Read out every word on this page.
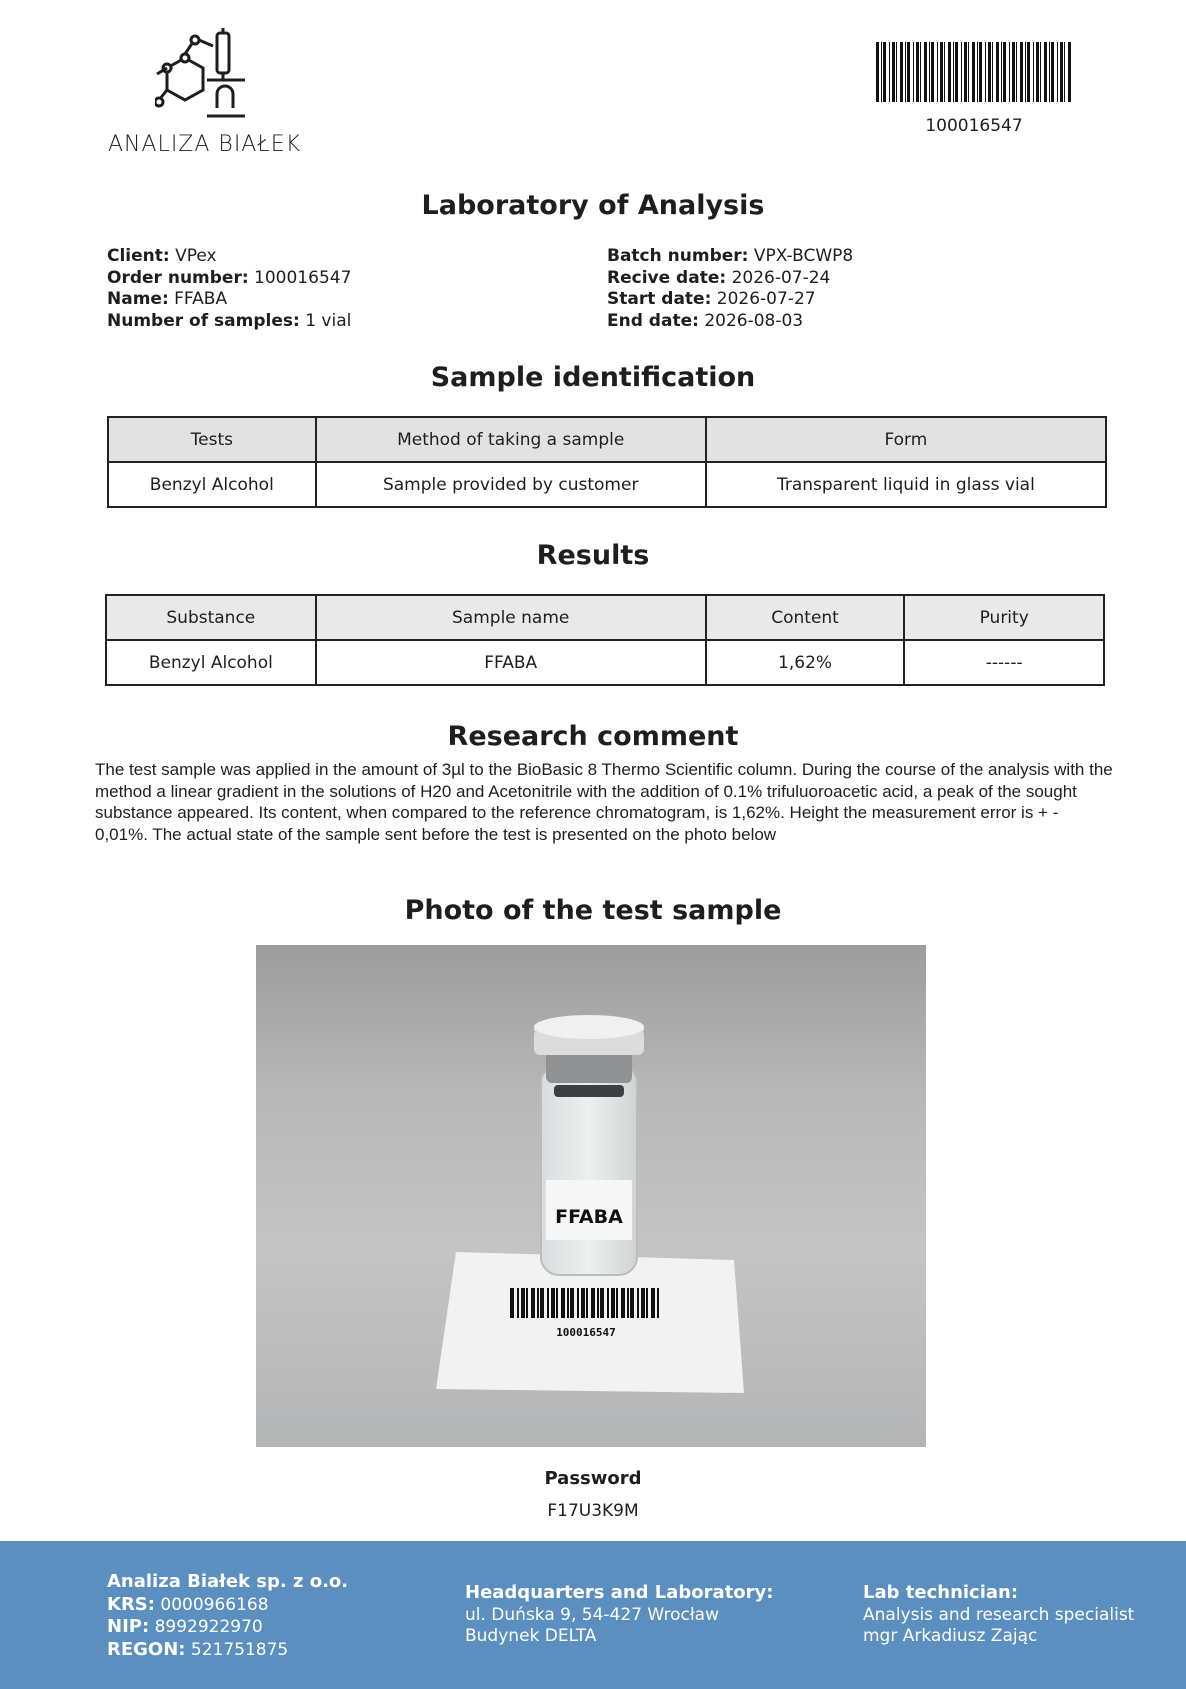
ANALIZA BIAŁEK
100016547
Laboratory of Analysis
Client: VPex
Order number: 100016547
Name: FFABA
Number of samples: 1 vial
Batch number: VPX-BCWP8
Recive date: 2026-07-24
Start date: 2026-07-27
End date: 2026-08-03
Sample identification
Tests	Method of taking a sample	Form
Benzyl Alcohol	Sample provided by customer	Transparent liquid in glass vial
Results
Substance	Sample name	Content	Purity
Benzyl Alcohol	FFABA	1,62%	------
Research comment
The test sample was applied in the amount of 3µl to the BioBasic 8 Thermo Scientific column. During the course of the analysis with the method a linear gradient in the solutions of H20 and Acetonitrile with the addition of 0.1% trifuluoroacetic acid, a peak of the sought substance appeared. Its content, when compared to the reference chromatogram, is 1,62%. Height the measurement error is + - 0,01%. The actual state of the sample sent before the test is presented on the photo below
Photo of the test sample
FFABA
100016547
Password
F17U3K9M
Analiza Białek sp. z o.o.
KRS: 0000966168
NIP: 8992922970
REGON: 521751875
Headquarters and Laboratory:
ul. Duńska 9, 54-427 Wrocław
Budynek DELTA
Lab technician:
Analysis and research specialist
mgr Arkadiusz Zając
